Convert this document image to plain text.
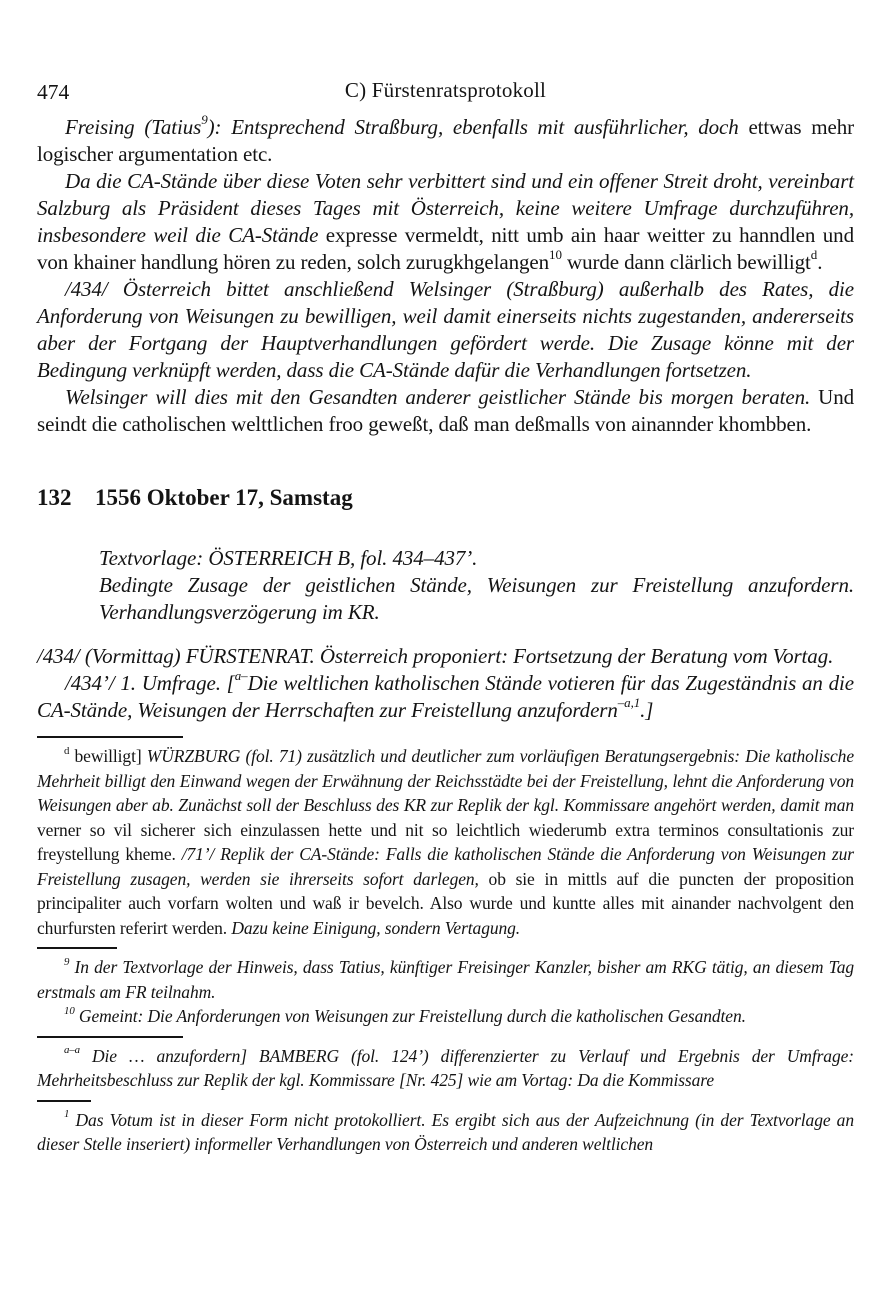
474	C) Fürstenratsprotokoll

Freising (Tatius$^9$): Entsprechend Straßburg, ebenfalls mit ausführlicher, doch ettwas mehr logischer argumentation etc.

Da die CA-Stände über diese Voten sehr verbittert sind und ein offener Streit droht, vereinbart Salzburg als Präsident dieses Tages mit Österreich, keine weitere Umfrage durchzuführen, insbesondere weil die CA-Stände expresse vermeldt, nitt umb ain haar weitter zu hanndlen und von khainer handlung hören zu reden, solch zurugkhgelangen$^{10}$ wurde dann clärlich bewilligt$^d$.

/434/ Österreich bittet anschließend Welsinger (Straßburg) außerhalb des Rates, die Anforderung von Weisungen zu bewilligen, weil damit einerseits nichts zugestanden, andererseits aber der Fortgang der Hauptverhandlungen gefördert werde. Die Zusage könne mit der Bedingung verknüpft werden, dass die CA-Stände dafür die Verhandlungen fortsetzen.

Welsinger will dies mit den Gesandten anderer geistlicher Stände bis morgen beraten. Und seindt die catholischen welttlichen froo geweßt, daß man deßmalls von ainannder khombben.

132	1556 Oktober 17, Samstag

Textvorlage: ÖSTERREICH B, fol. 434–437’.

Bedingte Zusage der geistlichen Stände, Weisungen zur Freistellung anzufordern. Verhandlungsverzögerung im KR.

/434/ (Vormittag) FÜRSTENRAT. Österreich proponiert: Fortsetzung der Beratung vom Vortag.

/434’/ 1. Umfrage. [$^{a-}$Die weltlichen katholischen Stände votieren für das Zugeständnis an die CA-Stände, Weisungen der Herrschaften zur Freistellung anzufordern$^{-a,1}$.]

$^d$ bewilligt] WÜRZBURG (fol. 71) zusätzlich und deutlicher zum vorläufigen Beratungsergebnis: Die katholische Mehrheit billigt den Einwand wegen der Erwähnung der Reichsstädte bei der Freistellung, lehnt die Anforderung von Weisungen aber ab. Zunächst soll der Beschluss des KR zur Replik der kgl. Kommissare angehört werden, damit man verner so vil sicherer sich einzulassen hette und nit so leichtlich wiederumb extra terminos consultationis zur freystellung kheme. /71’/ Replik der CA-Stände: Falls die katholischen Stände die Anforderung von Weisungen zur Freistellung zusagen, werden sie ihrerseits sofort darlegen, ob sie in mittls auf die puncten der proposition principaliter auch vorfarn wolten und waß ir bevelch. Also wurde und kuntte alles mit ainander nachvolgent den churfursten referirt werden. Dazu keine Einigung, sondern Vertagung.

$^9$ In der Textvorlage der Hinweis, dass Tatius, künftiger Freisinger Kanzler, bisher am RKG tätig, an diesem Tag erstmals am FR teilnahm.

$^{10}$ Gemeint: Die Anforderungen von Weisungen zur Freistellung durch die katholischen Gesandten.

$^{a-a}$ Die … anzufordern] BAMBERG (fol. 124’) differenzierter zu Verlauf und Ergebnis der Umfrage: Mehrheitsbeschluss zur Replik der kgl. Kommissare [Nr. 425] wie am Vortag: Da die Kommissare

$^1$ Das Votum ist in dieser Form nicht protokolliert. Es ergibt sich aus der Aufzeichnung (in der Textvorlage an dieser Stelle inseriert) informeller Verhandlungen von Österreich und anderen weltlichen
